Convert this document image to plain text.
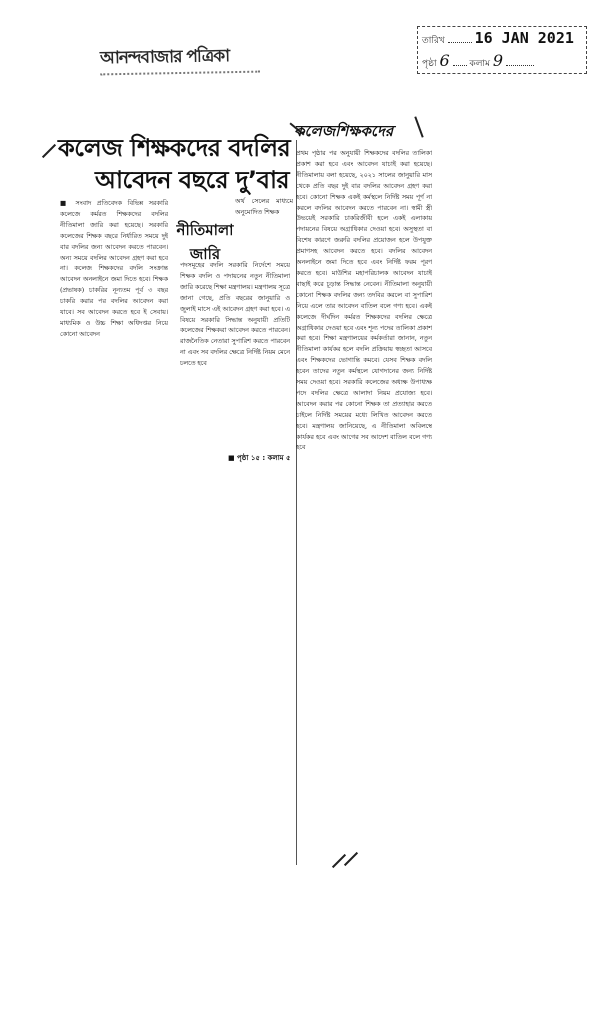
আনন্দবাজার পত্রিকা
তারিখ 16 JAN 2021
পৃষ্ঠা 6 কলাম 9
কলেজ শিক্ষকদের বদলির
আবেদন বছরে দু’বার
নীতিমালা
জারি
■ সংবাদ প্রতিবেদক বিভিন্ন সরকারি কলেজে কর্মরত শিক্ষকদের বদলির নীতিমালা জারি করা হয়েছে। সরকারি কলেজের শিক্ষক বছরে নির্ধারিত সময়ে দুই বার বদলির জন্য আবেদন করতে পারবেন। অন্য সময়ে বদলির আবেদন গ্রহণ করা হবে না। কলেজ শিক্ষকদের বদলি সংক্রান্ত আবেদন অনলাইনে জমা দিতে হবে। শিক্ষক (প্রভাষক) চাকরির নূন্যতম পূর্ব ৩ বছর চাকরি করার পর বদলির আবেদন করা যাবে। সব আবেদন করতে হবে ই সেবায়। মাধ্যমিক ও উচ্চ শিক্ষা অধিদপ্তর নিয়ে কোনো আবেদন
অর্থ সেলের মাধ্যমে অনুমোদিত শিক্ষক
পদসমূহের বদলি সরকারি নির্দেশে সময়ে শিক্ষক বদলি ও পদায়নের নতুন নীতিমালা জারি করেছে শিক্ষা মন্ত্রণালয়। মন্ত্রণালয় সূত্রে জানা গেছে, প্রতি বছরের জানুয়ারি ও জুলাই মাসে এই আবেদন গ্রহণ করা হবে। এ বিষয়ে সরকারি সিদ্ধান্ত অনুযায়ী প্রতিটি কলেজের শিক্ষকরা আবেদন করতে পারবেন। রাজনৈতিক নেতারা সুপারিশ করতে পারবেন না এবং সব বদলির ক্ষেত্রে নির্দিষ্ট নিয়ম মেনে চলতে হবে
■ পৃষ্ঠা ১৫ : কলাম ৫
কলেজশিক্ষকদের
প্রথম পৃষ্ঠার পর অনুযায়ী শিক্ষকদের বদলির তালিকা প্রকাশ করা হবে এবং আবেদন যাচাই করা হয়েছে। নীতিমালায় বলা হয়েছে, ২০২১ সালের জানুয়ারি মাস থেকে প্রতি বছর দুই বার বদলির আবেদন গ্রহণ করা হবে। কোনো শিক্ষক একই কর্মস্থলে নির্দিষ্ট সময় পূর্ণ না করলে বদলির আবেদন করতে পারবেন না। স্বামী স্ত্রী উভয়েই সরকারি চাকরিজীবী হলে একই এলাকায় পদায়নের বিষয়ে অগ্রাধিকার দেওয়া হবে। অসুস্থতা বা বিশেষ কারণে জরুরি বদলির প্রয়োজন হলে উপযুক্ত প্রমাণসহ আবেদন করতে হবে। বদলির আবেদন অনলাইনে জমা দিতে হবে এবং নির্দিষ্ট ফরম পূরণ করতে হবে। মাউশির মহাপরিচালক আবেদন যাচাই বাছাই করে চূড়ান্ত সিদ্ধান্ত নেবেন। নীতিমালা অনুযায়ী কোনো শিক্ষক বদলির জন্য তদবির করলে বা সুপারিশ নিয়ে এলে তার আবেদন বাতিল বলে গণ্য হবে। একই কলেজে দীর্ঘদিন কর্মরত শিক্ষকদের বদলির ক্ষেত্রে অগ্রাধিকার দেওয়া হবে এবং শূন্য পদের তালিকা প্রকাশ করা হবে। শিক্ষা মন্ত্রণালয়ের কর্মকর্তারা জানান, নতুন নীতিমালা কার্যকর হলে বদলি প্রক্রিয়ায় স্বচ্ছতা আসবে এবং শিক্ষকদের ভোগান্তি কমবে। যেসব শিক্ষক বদলি হবেন তাদের নতুন কর্মস্থলে যোগদানের জন্য নির্দিষ্ট সময় দেওয়া হবে। সরকারি কলেজের অধ্যক্ষ উপাধ্যক্ষ পদে বদলির ক্ষেত্রে আলাদা নিয়ম প্রযোজ্য হবে। আবেদন করার পর কোনো শিক্ষক তা প্রত্যাহার করতে চাইলে নির্দিষ্ট সময়ের মধ্যে লিখিত আবেদন করতে হবে। মন্ত্রণালয় জানিয়েছে, এ নীতিমালা অবিলম্বে কার্যকর হবে এবং আগের সব আদেশ বাতিল বলে গণ্য হবে
